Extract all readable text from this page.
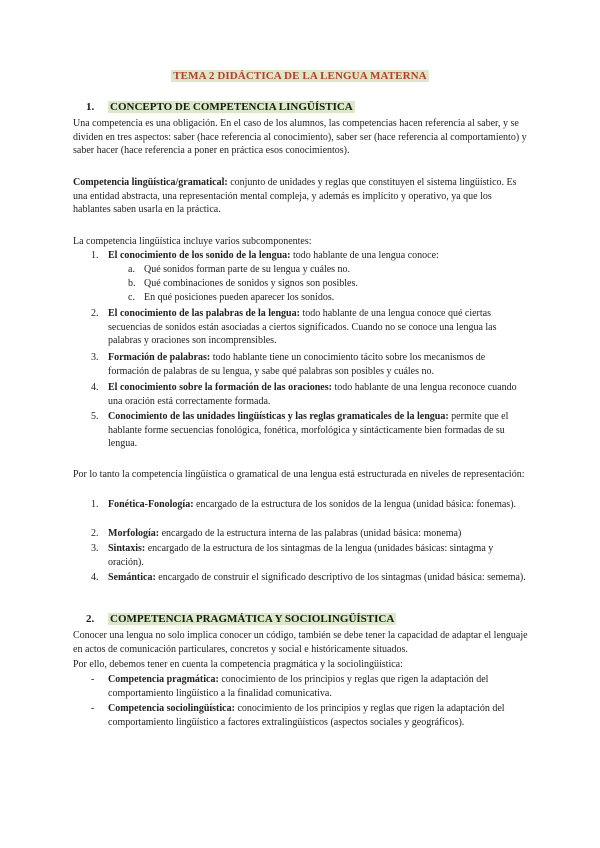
TEMA 2 DIDÁCTICA DE LA LENGUA MATERNA
1. CONCEPTO DE COMPETENCIA LINGÜÍSTICA
Una competencia es una obligación. En el caso de los alumnos, las competencias hacen referencia al saber, y se dividen en tres aspectos: saber (hace referencia al conocimiento), saber ser (hace referencia al comportamiento) y saber hacer (hace referencia a poner en práctica esos conocimientos).
Competencia lingüística/gramatical: conjunto de unidades y reglas que constituyen el sistema lingüístico. Es una entidad abstracta, una representación mental compleja, y además es implícito y operativo, ya que los hablantes saben usarla en la práctica.
La competencia lingüística incluye varios subcomponentes:
1. El conocimiento de los sonido de la lengua: todo hablante de una lengua conoce:
a. Qué sonidos forman parte de su lengua y cuáles no.
b. Qué combinaciones de sonidos y signos son posibles.
c. En qué posiciones pueden aparecer los sonidos.
2. El conocimiento de las palabras de la lengua: todo hablante de una lengua conoce qué ciertas secuencias de sonidos están asociadas a ciertos significados. Cuando no se conoce una lengua las palabras y oraciones son incomprensibles.
3. Formación de palabras: todo hablante tiene un conocimiento tácito sobre los mecanismos de formación de palabras de su lengua, y sabe qué palabras son posibles y cuáles no.
4. El conocimiento sobre la formación de las oraciones: todo hablante de una lengua reconoce cuando una oración está correctamente formada.
5. Conocimiento de las unidades lingüísticas y las reglas gramaticales de la lengua: permite que el hablante forme secuencias fonológica, fonética, morfológica y sintácticamente bien formadas de su lengua.
Por lo tanto la competencia lingüística o gramatical de una lengua está estructurada en niveles de representación:
1. Fonética-Fonología: encargado de la estructura de los sonidos de la lengua (unidad básica: fonemas).
2. Morfología: encargado de la estructura interna de las palabras (unidad básica: monema)
3. Sintaxis: encargado de la estructura de los sintagmas de la lengua (unidades básicas: sintagma y oración).
4. Semántica: encargado de construir el significado descriptivo de los sintagmas (unidad básica: semema).
2. COMPETENCIA PRAGMÁTICA Y SOCIOLINGÜÍSTICA
Conocer una lengua no solo implica conocer un código, también se debe tener la capacidad de adaptar el lenguaje en actos de comunicación particulares, concretos y social e históricamente situados.
Por ello, debemos tener en cuenta la competencia pragmática y la sociolingüística:
- Competencia pragmática: conocimiento de los principios y reglas que rigen la adaptación del comportamiento lingüístico a la finalidad comunicativa.
- Competencia sociolingüística: conocimiento de los principios y reglas que rigen la adaptación del comportamiento lingüístico a factores extralingüísticos (aspectos sociales y geográficos).
